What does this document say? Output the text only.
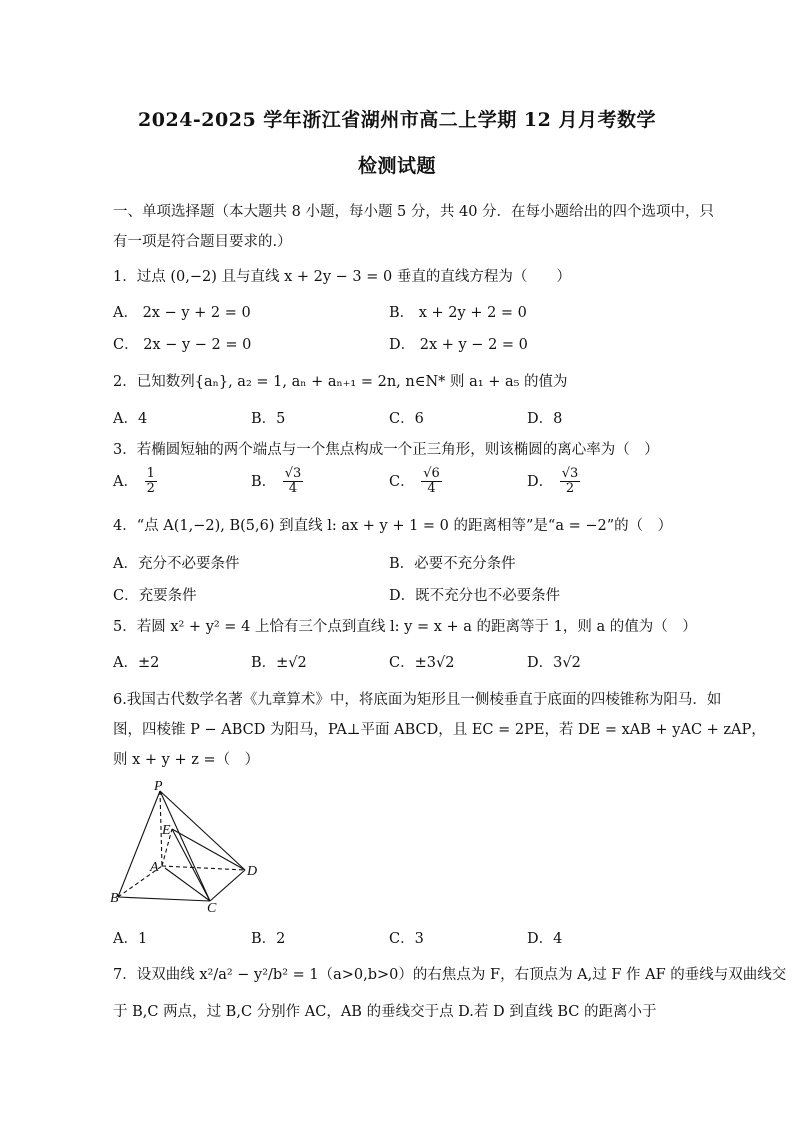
2024-2025 学年浙江省湖州市高二上学期 12 月月考数学
检测试题
一、单项选择题（本大题共 8 小题，每小题 5 分，共 40 分．在每小题给出的四个选项中，只
有一项是符合题目要求的.）
1．过点 (0,−2) 且与直线 x + 2y − 3 = 0 垂直的直线方程为（　　）
A． 2x − y + 2 = 0	B． x + 2y + 2 = 0
C． 2x − y − 2 = 0	D． 2x + y − 2 = 0
2．已知数列{aₙ}, a₂ = 1, aₙ + aₙ₊₁ = 2n, n∈N* 则 a₁ + a₅ 的值为
A．4	B．5	C．6	D．8
3．若椭圆短轴的两个端点与一个焦点构成一个正三角形，则该椭圆的离心率为（　）
A． $\frac{1}{2}$	B． $\frac{√3}{4}$	C． $\frac{√6}{4}$	D． $\frac{√3}{2}$
4．“点 A(1,−2), B(5,6) 到直线 l: ax + y + 1 = 0 的距离相等”是“a = −2”的（　）
A．充分不必要条件	B．必要不充分条件
C．充要条件	D．既不充分也不必要条件
5．若圆 x² + y² = 4 上恰有三个点到直线 l: y = x + a 的距离等于 1，则 a 的值为（　）
A．±2	B．±√2	C．±3√2	D．3√2
6.我国古代数学名著《九章算术》中，将底面为矩形且一侧棱垂直于底面的四棱锥称为阳马．如
图，四棱锥 P − ABCD 为阳马，PA⊥平面 ABCD，且 EC = 2PE，若 DE = xAB + yAC + zAP，
则 x + y + z =（　）
P
E
A	D
B
C
A．1	B．2	C．3	D．4
7．设双曲线 x²/a² − y²/b² = 1（a>0,b>0）的右焦点为 F，右顶点为 A,过 F 作 AF 的垂线与双曲线交
于 B,C 两点，过 B,C 分别作 AC，AB 的垂线交于点 D.若 D 到直线 BC 的距离小于
